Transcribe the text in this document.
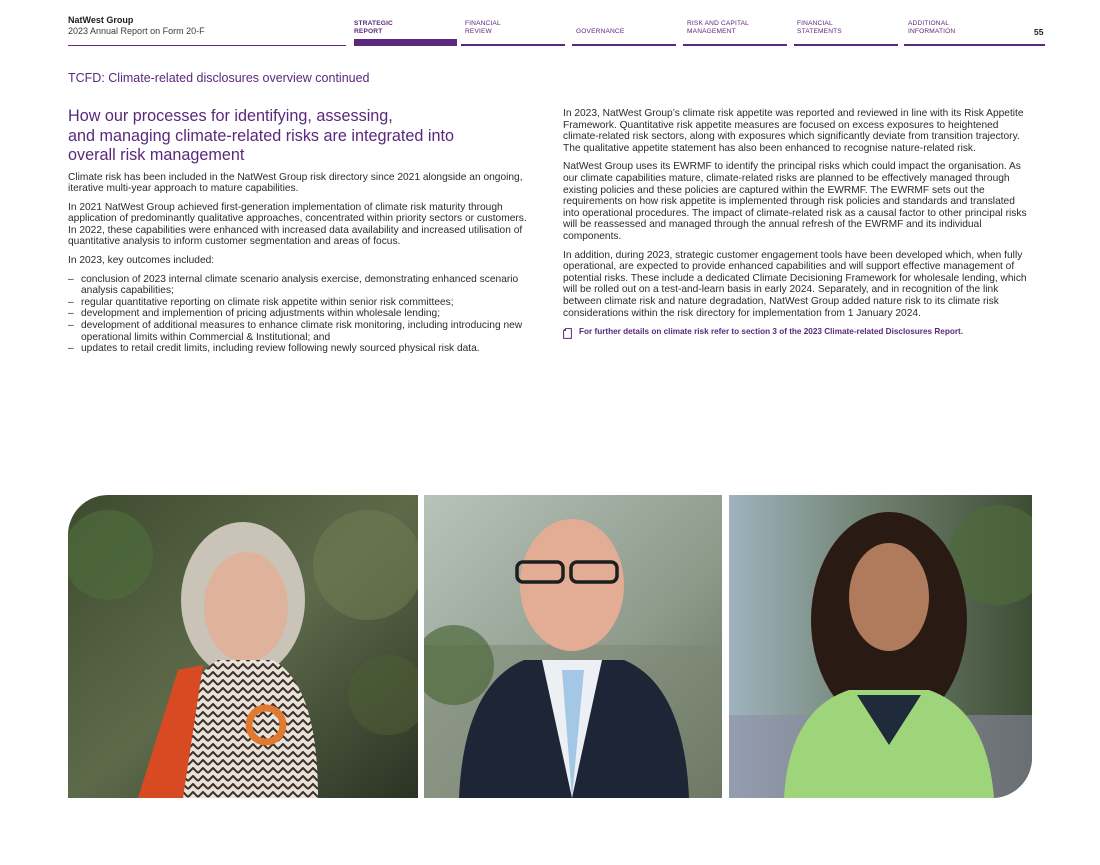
NatWest Group
2023 Annual Report on Form 20-F
STRATEGIC
REPORT
FINANCIAL
REVIEW
	GOVERNANCE
RISK AND CAPITAL
MANAGEMENT
FINANCIAL
STATEMENTS
ADDITIONAL
INFORMATION	55
TCFD: Climate-related disclosures overview continued
How our processes for identifying, assessing,
and managing climate-related risks are integrated into
overall risk management

Climate risk has been included in the NatWest Group risk directory since 2021 alongside an ongoing, iterative multi-year approach to mature capabilities.

In 2021 NatWest Group achieved first-generation implementation of climate risk maturity through application of predominantly qualitative approaches, concentrated within priority sectors or customers. In 2022, these capabilities were enhanced with increased data availability and increased utilisation of quantitative analysis to inform customer segmentation and areas of focus.

In 2023, key outcomes included:

– conclusion of 2023 internal climate scenario analysis exercise, demonstrating enhanced scenario analysis capabilities;
– regular quantitative reporting on climate risk appetite within senior risk committees;
– development and implemention of pricing adjustments within wholesale lending;
– development of additional measures to enhance climate risk monitoring, including introducing new operational limits within Commercial & Institutional; and
– updates to retail credit limits, including review following newly sourced physical risk data.

In 2023, NatWest Group’s climate risk appetite was reported and reviewed in line with its Risk Appetite Framework. Quantitative risk appetite measures are focused on excess exposures to heightened climate-related risk sectors, along with exposures which significantly deviate from transition trajectory. The qualitative appetite statement has also been enhanced to recognise nature-related risk.

NatWest Group uses its EWRMF to identify the principal risks which could impact the organisation. As our climate capabilities mature, climate-related risks are planned to be effectively managed through existing policies and these policies are captured within the EWRMF. The EWRMF sets out the requirements on how risk appetite is implemented through risk policies and standards and translated into operational procedures. The impact of climate-related risk as a causal factor to other principal risks will be reassessed and managed through the annual refresh of the EWRMF and its individual components.

In addition, during 2023, strategic customer engagement tools have been developed which, when fully operational, are expected to provide enhanced capabilities and will support effective management of potential risks. These include a dedicated Climate Decisioning Framework for wholesale lending, which will be rolled out on a test-and-learn basis in early 2024. Separately, and in recognition of the link between climate risk and nature degradation, NatWest Group added nature risk to its climate risk considerations within the risk directory for implementation from 1 January 2024.

For further details on climate risk refer to section 3 of the 2023 Climate-related Disclosures Report.
